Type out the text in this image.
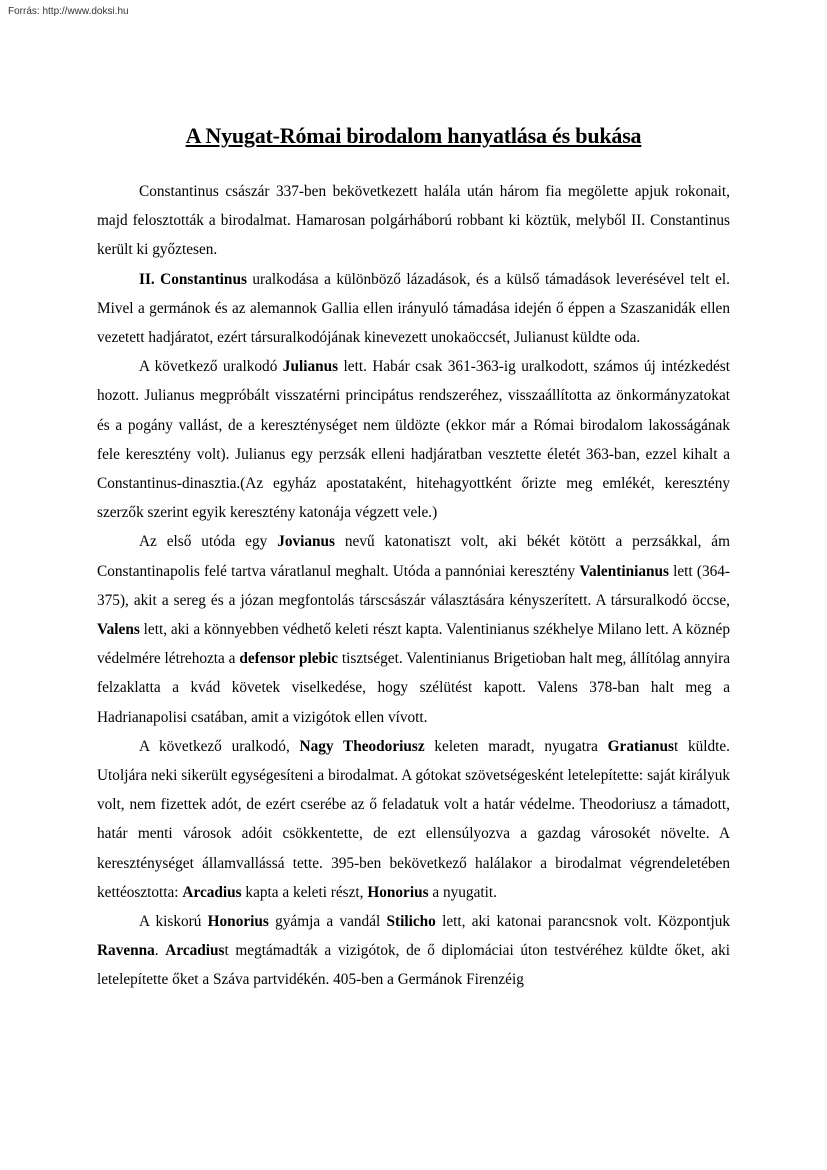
Forrás: http://www.doksi.hu
A Nyugat-Római birodalom hanyatlása és bukása

Constantinus császár 337-ben bekövetkezett halála után három fia megölette apjuk rokonait, majd felosztották a birodalmat. Hamarosan polgárháború robbant ki köztük, melyből II. Constantinus került ki győztesen.

II. Constantinus uralkodása a különböző lázadások, és a külső támadások leverésével telt el. Mivel a germánok és az alemannok Gallia ellen irányuló támadása idején ő éppen a Szaszanidák ellen vezetett hadjáratot, ezért társuralkodójának kinevezett unokaöccsét, Julianust küldte oda.

A következő uralkodó Julianus lett. Habár csak 361-363-ig uralkodott, számos új intézkedést hozott. Julianus megpróbált visszatérni principátus rendszeréhez, visszaállította az önkormányzatokat és a pogány vallást, de a kereszténységet nem üldözte (ekkor már a Római birodalom lakosságának fele keresztény volt). Julianus egy perzsák elleni hadjáratban vesztette életét 363-ban, ezzel kihalt a Constantinus-dinasztia.(Az egyház apostataként, hitehagyottként őrizte meg emlékét, keresztény szerzők szerint egyik keresztény katonája végzett vele.)

Az első utóda egy Jovianus nevű katonatiszt volt, aki békét kötött a perzsákkal, ám Constantinapolis felé tartva váratlanul meghalt. Utóda a pannóniai keresztény Valentinianus lett (364-375), akit a sereg és a józan megfontolás társcsászár választására kényszerített. A társuralkodó öccse, Valens lett, aki a könnyebben védhető keleti részt kapta. Valentinianus székhelye Milano lett. A köznép védelmére létrehozta a defensor plebic tisztséget. Valentinianus Brigetioban halt meg, állítólag annyira felzaklatta a kvád követek viselkedése, hogy szélütést kapott. Valens 378-ban halt meg a Hadrianapolisi csatában, amit a vizigótok ellen vívott.

A következő uralkodó, Nagy Theodoriusz keleten maradt, nyugatra Gratianust küldte. Utoljára neki sikerült egységesíteni a birodalmat. A gótokat szövetségesként letelepítette: saját királyuk volt, nem fizettek adót, de ezért cserébe az ő feladatuk volt a határ védelme. Theodoriusz a támadott, határ menti városok adóit csökkentette, de ezt ellensúlyozva a gazdag városokét növelte. A kereszténységet államvallássá tette. 395-ben bekövetkező halálakor a birodalmat végrendeletében kettéosztotta: Arcadius kapta a keleti részt, Honorius a nyugatit.

A kiskorú Honorius gyámja a vandál Stilicho lett, aki katonai parancsnok volt. Központjuk Ravenna. Arcadiust megtámadták a vizigótok, de ő diplomáciai úton testvéréhez küldte őket, aki letelepítette őket a Száva partvidékén. 405-ben a Germánok Firenzéig
